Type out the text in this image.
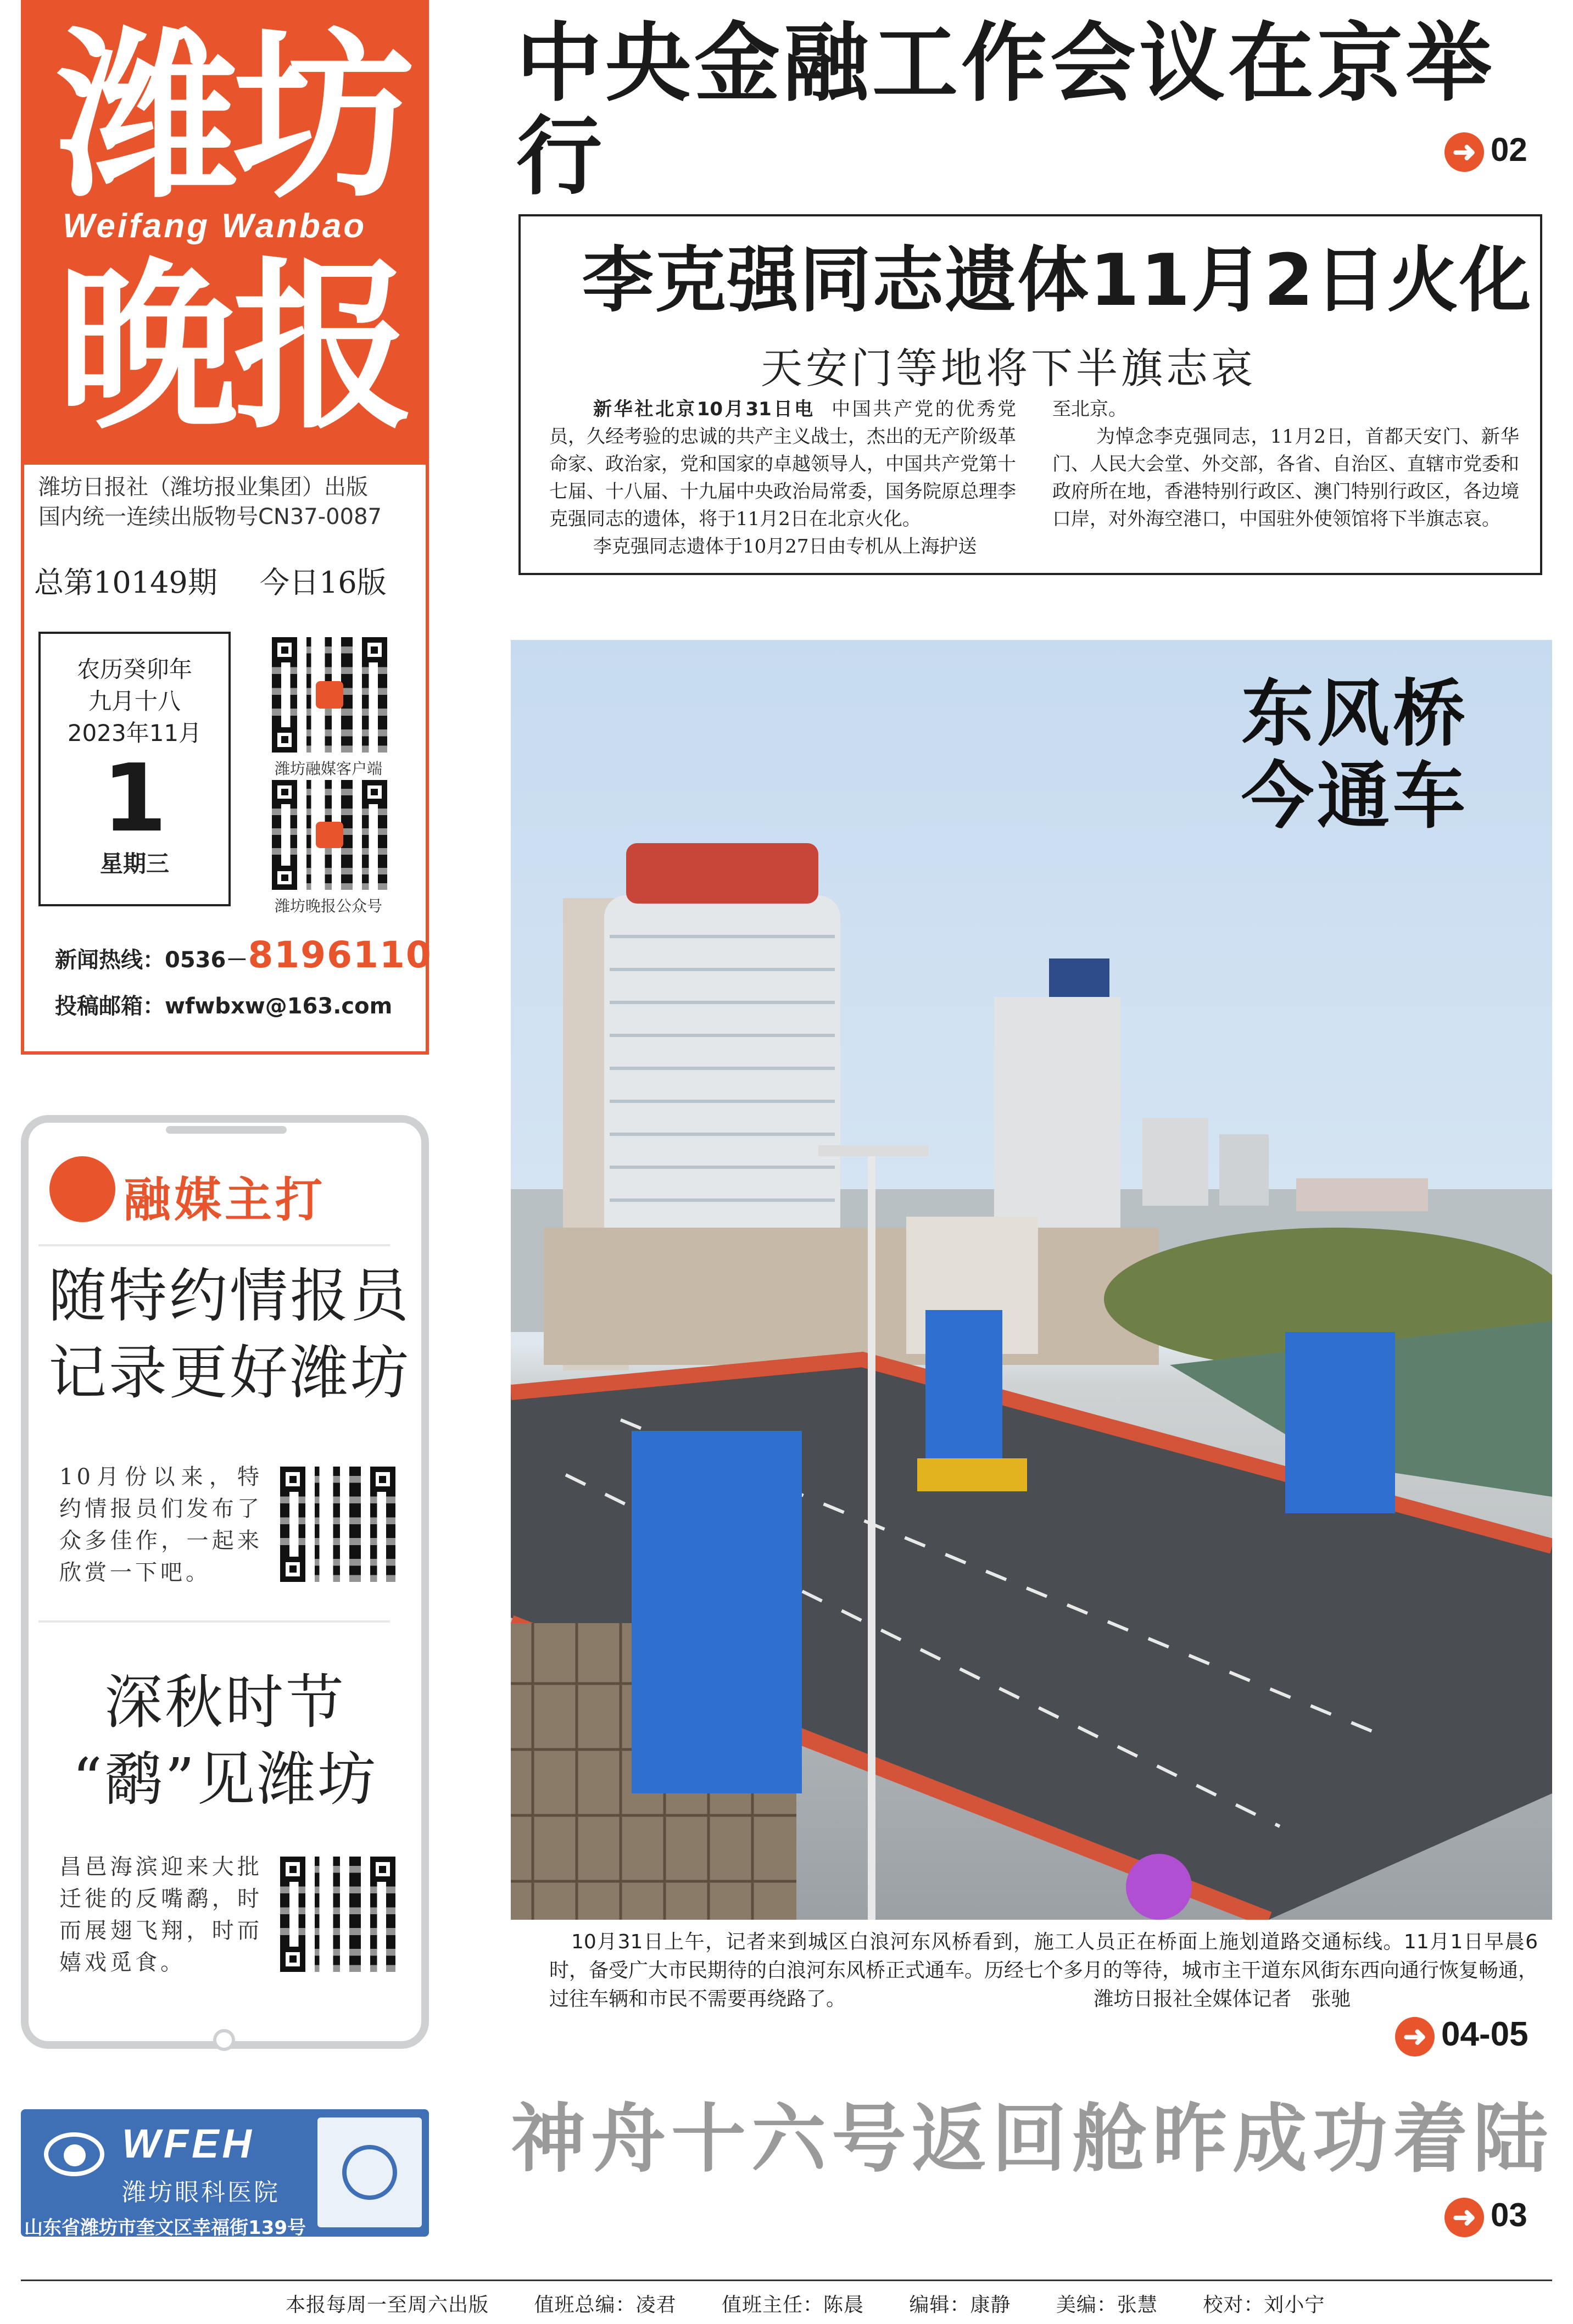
潍
坊
Weifang Wanbao
晚
报
潍坊日报社（潍坊报业集团）出版
国内统一连续出版物号CN37-0087
总第10149期 今日16版
农历癸卯年
九月十八
2023年11月
1
星期三
潍坊融媒客户端
潍坊晚报公众号
新闻热线：0536－8196110
投稿邮箱：wfwbxw@163.com
融媒主打
随特约情报员
记录更好潍坊
10月份以来，特约情报员们发布了众多佳作，一起来欣赏一下吧。
深秋时节
“鹬”见潍坊
昌邑海滨迎来大批迁徙的反嘴鹬，时而展翅飞翔，时而嬉戏觅食。
WFEH
潍坊眼科医院
山东省潍坊市奎文区幸福街139号
中央金融工作会议在京举行	➜ 02
李克强同志遗体11月2日火化
天安门等地将下半旗志哀

新华社北京10月31日电 中国共产党的优秀党员，久经考验的忠诚的共产主义战士，杰出的无产阶级革命家、政治家，党和国家的卓越领导人，中国共产党第十七届、十八届、十九届中央政治局常委，国务院原总理李克强同志的遗体，将于11月2日在北京火化。

李克强同志遗体于10月27日由专机从上海护送

至北京。

为悼念李克强同志，11月2日，首都天安门、新华门、人民大会堂、外交部，各省、自治区、直辖市党委和政府所在地，香港特别行政区、澳门特别行政区，各边境口岸，对外海空港口，中国驻外使领馆将下半旗志哀。

东风桥
今通车
10月31日上午，记者来到城区白浪河东风桥看到，施工人员正在桥面上施划道路交通标线。11月1日早晨6时，备受广大市民期待的白浪河东风桥正式通车。历经七个多月的等待，城市主干道东风街东西向通行恢复畅通，过往车辆和市民不需要再绕路了。	潍坊日报社全媒体记者　张驰
➜ 04-05
神舟十六号返回舱昨成功着陆
➜ 03
本报每周一至周六出版 值班总编：凌君 值班主任：陈晨 编辑：康静 美编：张慧 校对：刘小宁
